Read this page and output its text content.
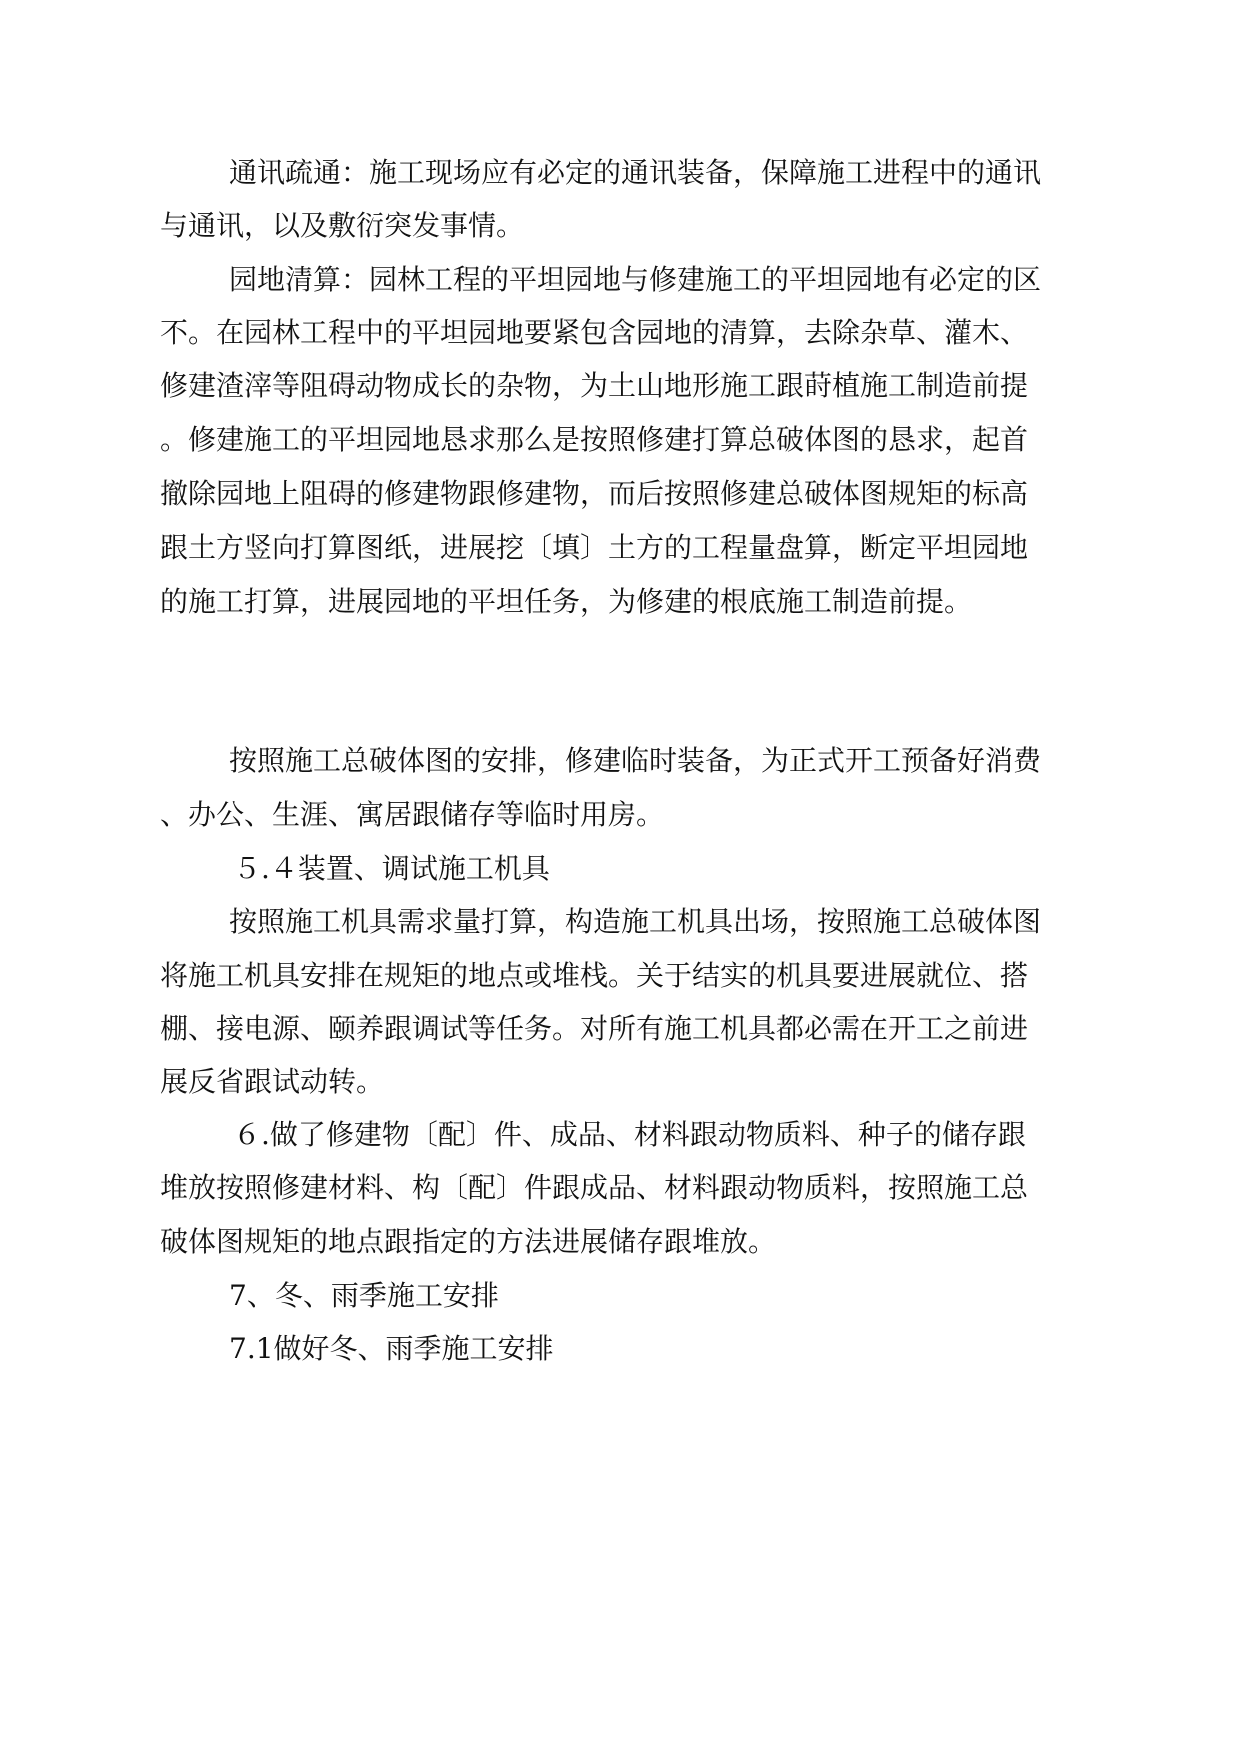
通讯疏通：施工现场应有必定的通讯装备，保障施工进程中的通讯
与通讯，以及敷衍突发事情。
园地清算：园林工程的平坦园地与修建施工的平坦园地有必定的区
不。在园林工程中的平坦园地要紧包含园地的清算，去除杂草、灌木、
修建渣滓等阻碍动物成长的杂物，为土山地形施工跟莳植施工制造前提
。修建施工的平坦园地恳求那么是按照修建打算总破体图的恳求，起首
撤除园地上阻碍的修建物跟修建物，而后按照修建总破体图规矩的标高
跟土方竖向打算图纸，进展挖〔填〕土方的工程量盘算，断定平坦园地
的施工打算，进展园地的平坦任务，为修建的根底施工制造前提。
按照施工总破体图的安排，修建临时装备，为正式开工预备好消费
、办公、生涯、寓居跟储存等临时用房。
５.４装置、调试施工机具
按照施工机具需求量打算，构造施工机具出场，按照施工总破体图
将施工机具安排在规矩的地点或堆栈。关于结实的机具要进展就位、搭
棚、接电源、颐养跟调试等任务。对所有施工机具都必需在开工之前进
展反省跟试动转。
６.做了修建物〔配〕件、成品、材料跟动物质料、种子的储存跟
堆放按照修建材料、构〔配〕件跟成品、材料跟动物质料，按照施工总
破体图规矩的地点跟指定的方法进展储存跟堆放。
7、冬、雨季施工安排
7.1做好冬、雨季施工安排
